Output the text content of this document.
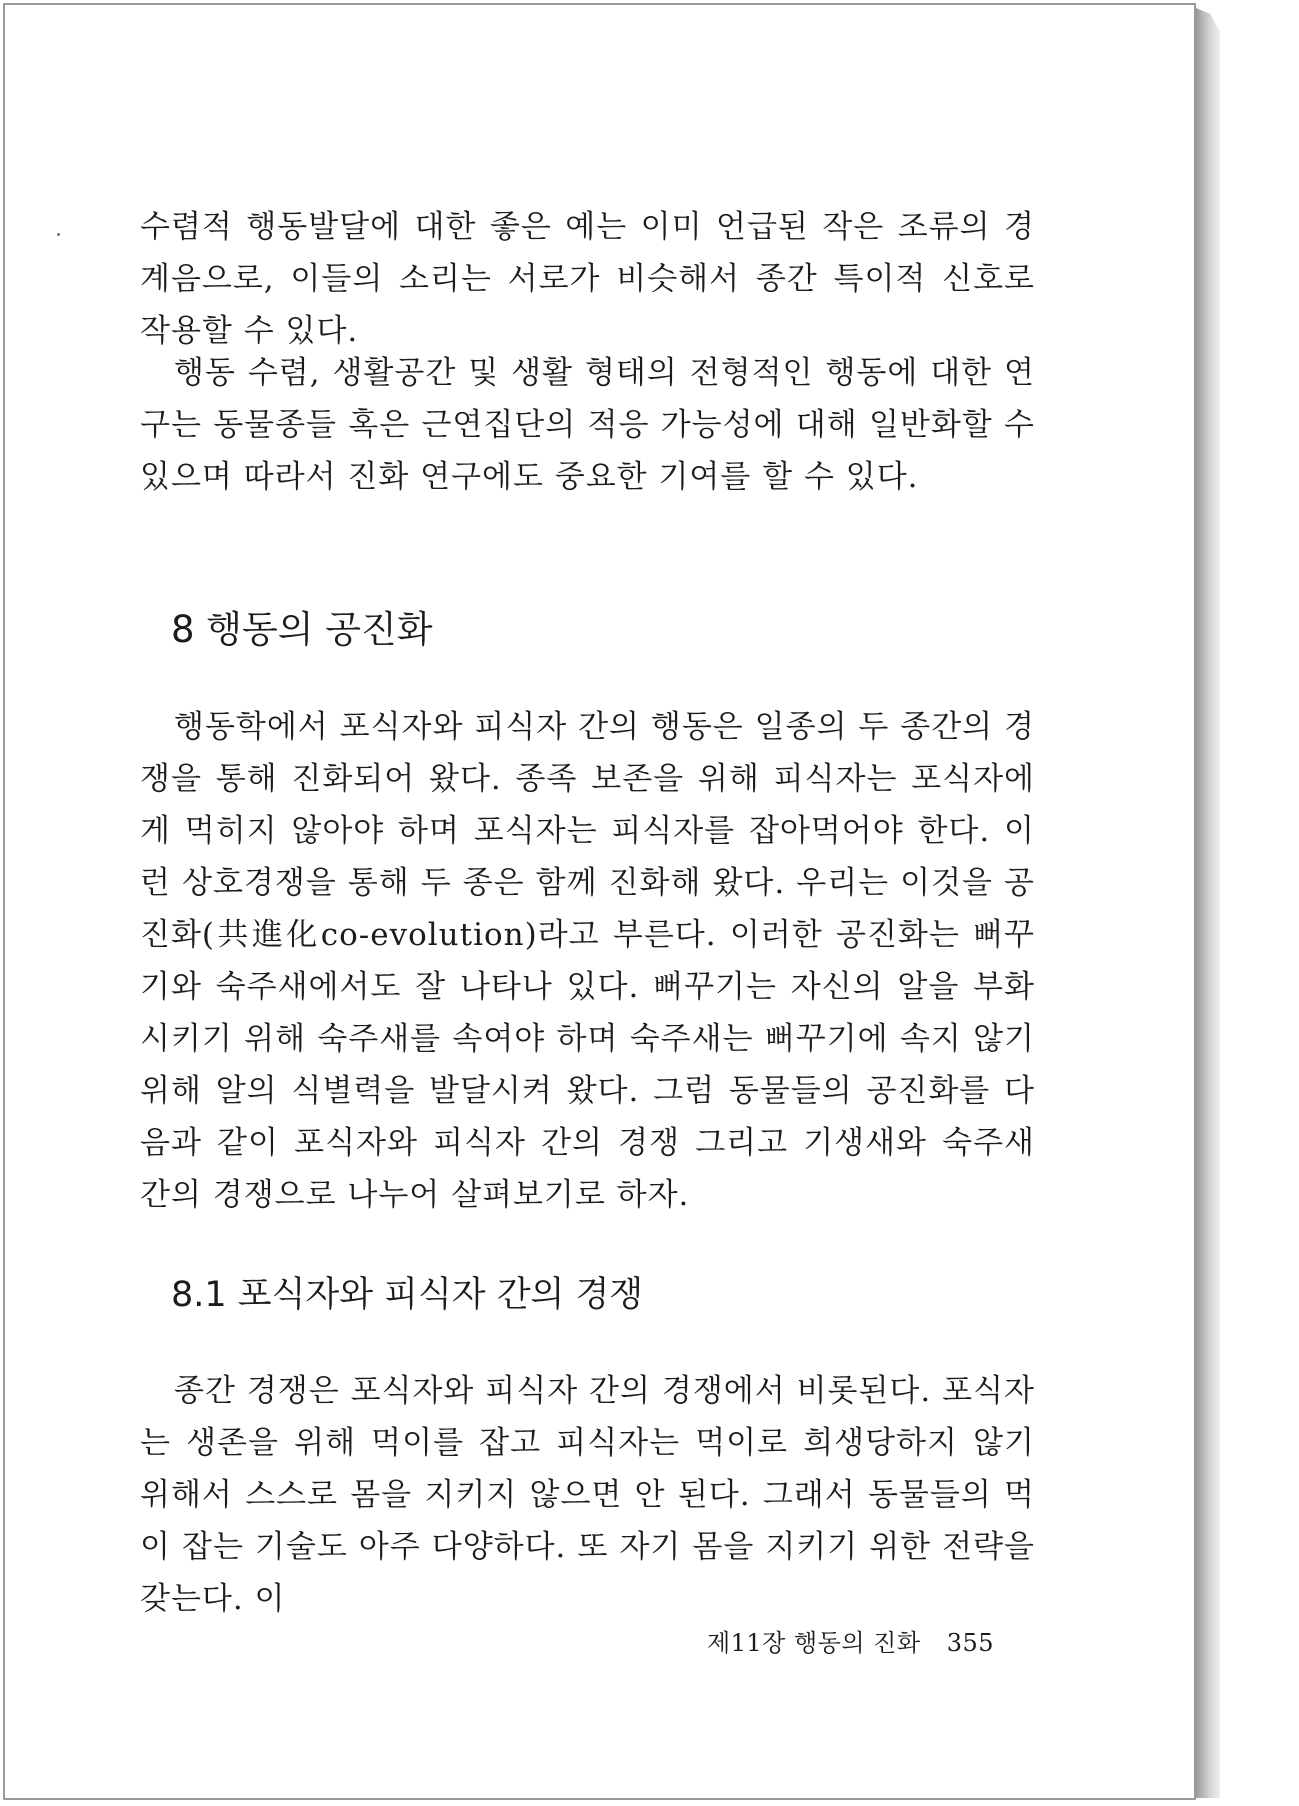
수렴적 행동발달에 대한 좋은 예는 이미 언급된 작은 조류의 경계음으로, 이들의 소리는 서로가 비슷해서 종간 특이적 신호로 작용할 수 있다.

행동 수렴, 생활공간 및 생활 형태의 전형적인 행동에 대한 연구는 동물종들 혹은 근연집단의 적응 가능성에 대해 일반화할 수 있으며 따라서 진화 연구에도 중요한 기여를 할 수 있다.

8 행동의 공진화

행동학에서 포식자와 피식자 간의 행동은 일종의 두 종간의 경쟁을 통해 진화되어 왔다. 종족 보존을 위해 피식자는 포식자에게 먹히지 않아야 하며 포식자는 피식자를 잡아먹어야 한다. 이런 상호경쟁을 통해 두 종은 함께 진화해 왔다. 우리는 이것을 공진화(共進化co-evolution)라고 부른다. 이러한 공진화는 뻐꾸기와 숙주새에서도 잘 나타나 있다. 뻐꾸기는 자신의 알을 부화시키기 위해 숙주새를 속여야 하며 숙주새는 뻐꾸기에 속지 않기 위해 알의 식별력을 발달시켜 왔다. 그럼 동물들의 공진화를 다음과 같이 포식자와 피식자 간의 경쟁 그리고 기생새와 숙주새 간의 경쟁으로 나누어 살펴보기로 하자.

8.1 포식자와 피식자 간의 경쟁

종간 경쟁은 포식자와 피식자 간의 경쟁에서 비롯된다. 포식자는 생존을 위해 먹이를 잡고 피식자는 먹이로 희생당하지 않기 위해서 스스로 몸을 지키지 않으면 안 된다. 그래서 동물들의 먹이 잡는 기술도 아주 다양하다. 또 자기 몸을 지키기 위한 전략을 갖는다. 이

제11장 행동의 진화 355
